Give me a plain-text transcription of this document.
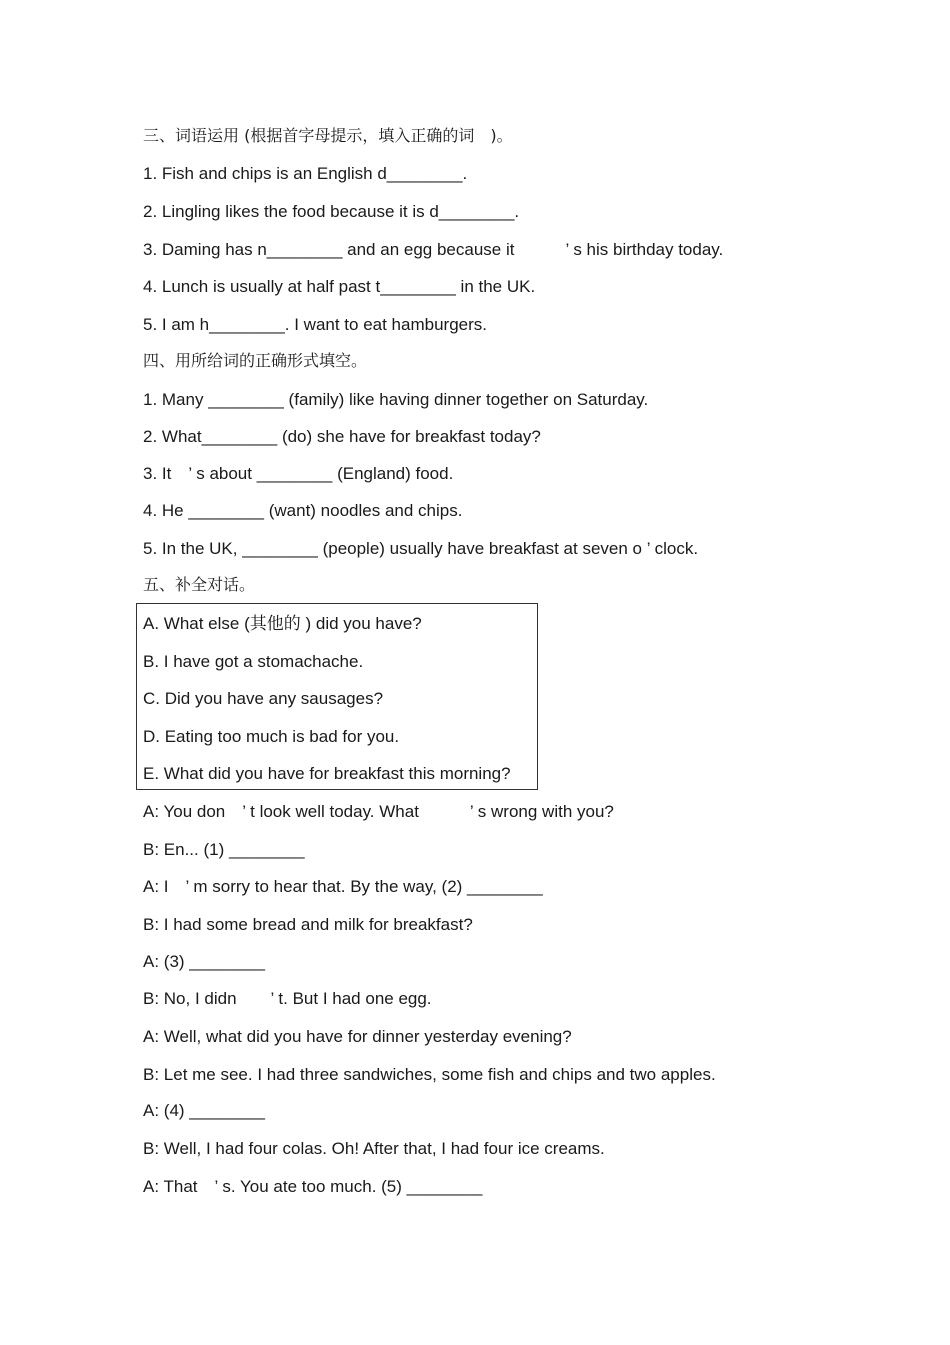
三、词语运用 (根据首字母提示，填入正确的词　)。
1. Fish and chips is an English d________.
2. Lingling likes the food because it is d________.
3. Daming has n________ and an egg because it　　　’ s his birthday today.
4. Lunch is usually at half past t________ in the UK.
5. I am h________. I want to eat hamburgers.
四、用所给词的正确形式填空。
1. Many ________ (family) like having dinner together on Saturday.
2. What________ (do) she have for breakfast today?
3. It　’ s about ________ (England) food.
4. He ________ (want) noodles and chips.
5. In the UK, ________ (people) usually have breakfast at seven o ’ clock.
五、补全对话。
A. What else (其他的 ) did you have?
B. I have got a stomachache.
C. Did you have any sausages?
D. Eating too much is bad for you.
E. What did you have for breakfast this morning?
A: You don　’ t look well today. What　　　’ s wrong with you?
B: En... (1) ________
A: I　’ m sorry to hear that. By the way, (2) ________
B: I had some bread and milk for breakfast?
A: (3) ________
B: No, I didn　　’ t. But I had one egg.
A: Well, what did you have for dinner yesterday evening?
B: Let me see. I had three sandwiches, some fish and chips and two apples.
A: (4) ________
B: Well, I had four colas. Oh! After that, I had four ice creams.
A: That　’ s. You ate too much. (5) ________
